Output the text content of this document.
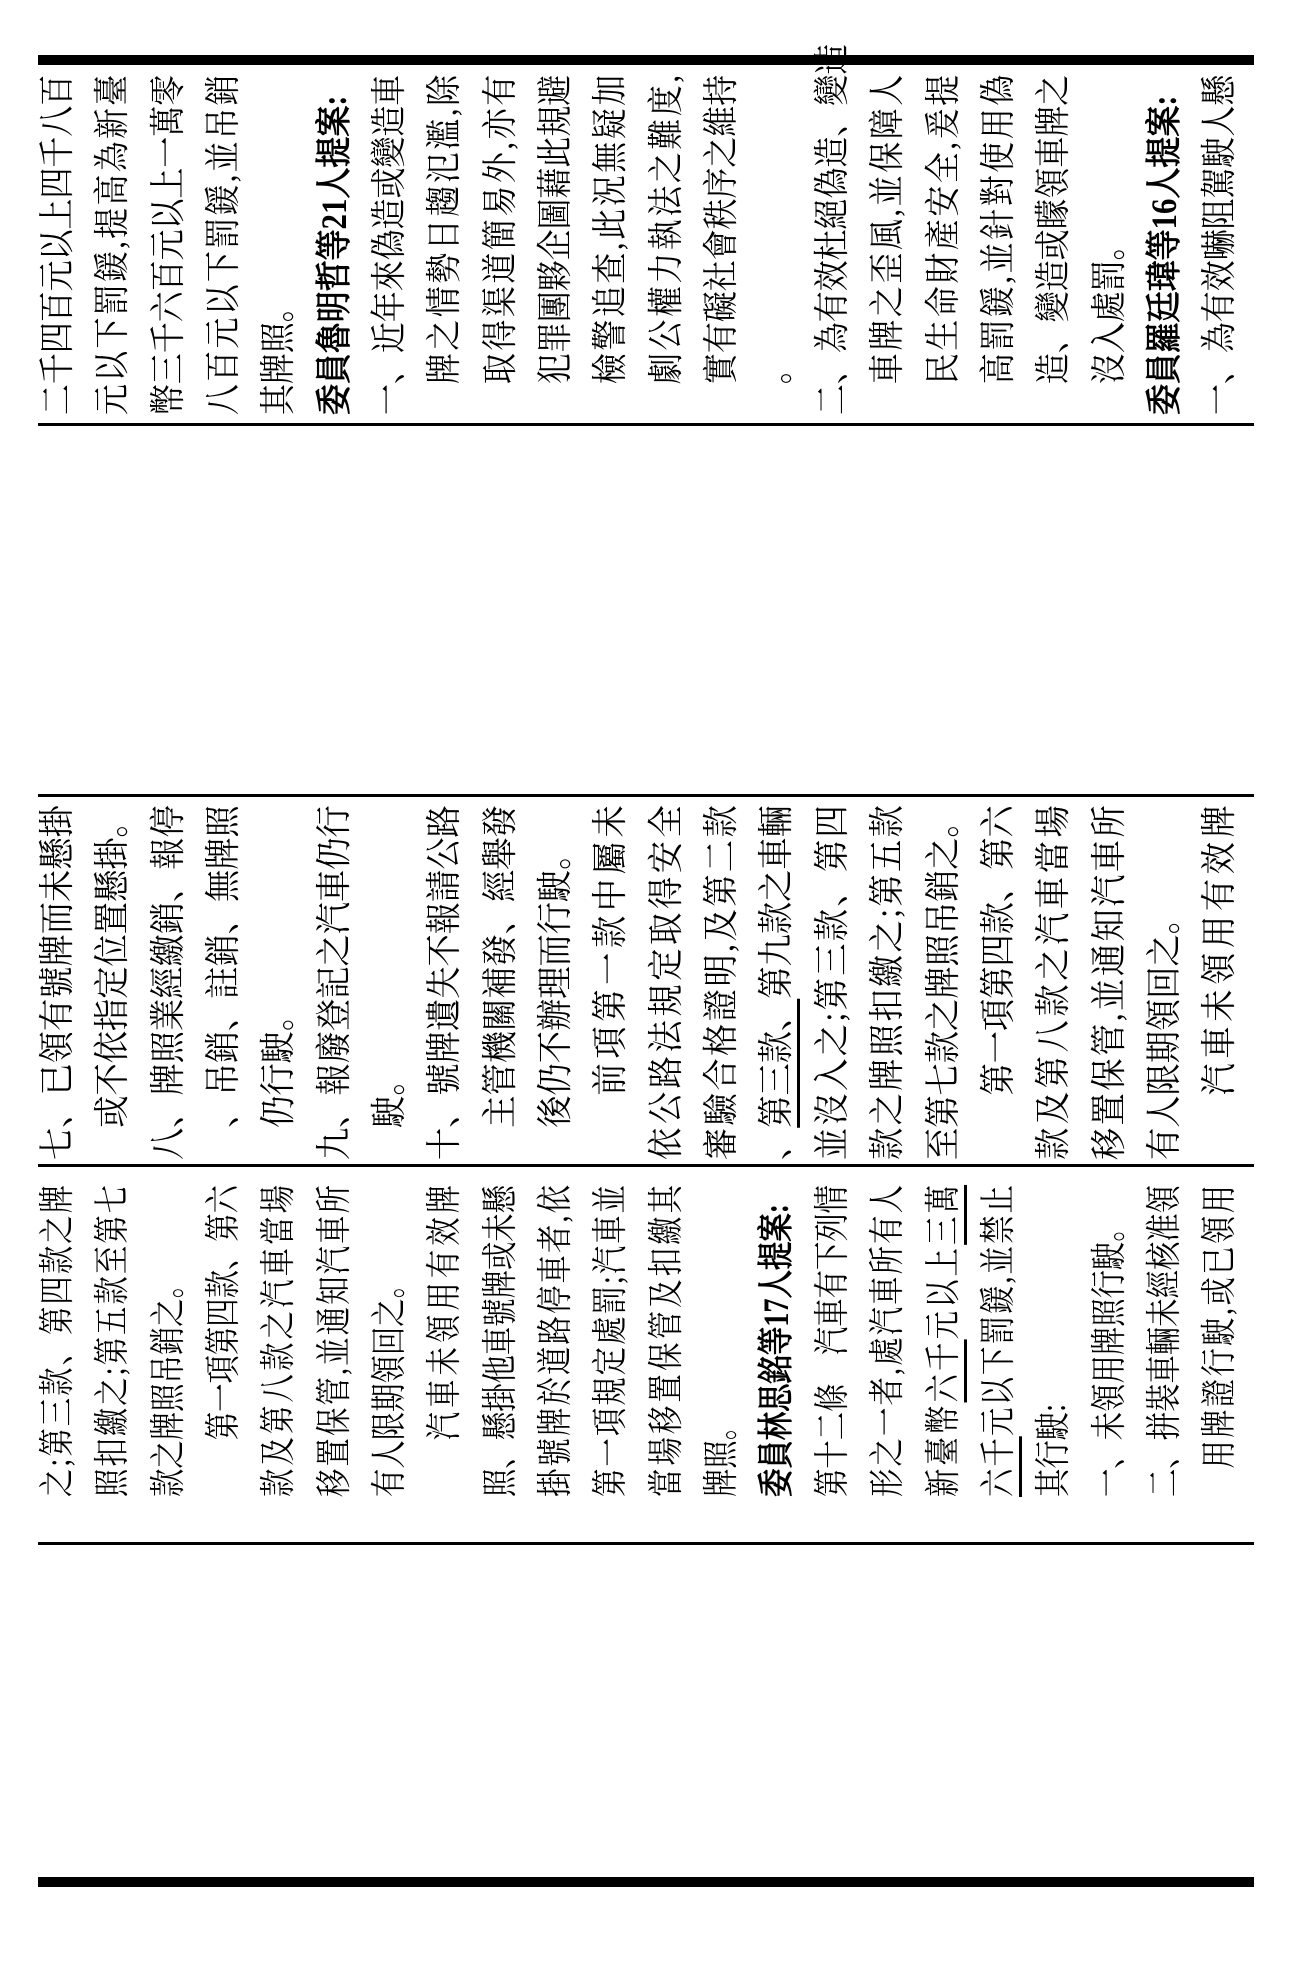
二千四百元以上四千八百 元以下罰鍰,提高為新臺 幣三千六百元以上一萬零 八百元以下罰鍰,並吊銷 其牌照。 委員魯明哲等21人提案: 一、近年來偽造或變造車 牌之情勢日趨氾濫,除 取得渠道簡易外,亦有 犯罪團夥企圖藉此規避 檢警追查,此況無疑加 劇公權力執法之難度, 實有礙社會秩序之維持 。 二、為有效杜絕偽造、變造 車牌之歪風,並保障人 民生命財產安全,爰提 高罰鍰,並針對使用偽 造、變造或矇領車牌之 沒入處罰。 委員羅廷瑋等16人提案: 一、為有效嚇阻駕駛人懸
七、已領有號牌而未懸掛 或不依指定位置懸掛。 八、牌照業經繳銷、報停 、吊銷、註銷、無牌照 仍行駛。 九、報廢登記之汽車仍行 駛。 十、號牌遺失不報請公路 主管機關補發、經舉發 後仍不辦理而行駛。 前項第一款中屬未 依公路法規定取得安全 審驗合格證明,及第二款 、第三款、第九款之車輛 並沒入之;第三款、第四 款之牌照扣繳之;第五款 至第七款之牌照吊銷之。 第一項第四款、第六 款及第八款之汽車當場 移置保管,並通知汽車所 有人限期領回之。 汽車未領用有效牌
之;第三款、第四款之牌 照扣繳之;第五款至第七 款之牌照吊銷之。 第一項第四款、第六 款及第八款之汽車當場 移置保管,並通知汽車所 有人限期領回之。 汽車未領用有效牌 照、懸掛他車號牌或未懸 掛號牌於道路停車者,依 第一項規定處罰;汽車並 當場移置保管及扣繳其 牌照。 委員林思銘等17人提案: 第十二條　汽車有下列情 形之一者,處汽車所有人 新臺幣六千元以上三萬
六千元以下罰鍰,並禁止
其行駛: 一、未領用牌照行駛。 二、拼裝車輛未經核准領 用牌證行駛,或已領用
